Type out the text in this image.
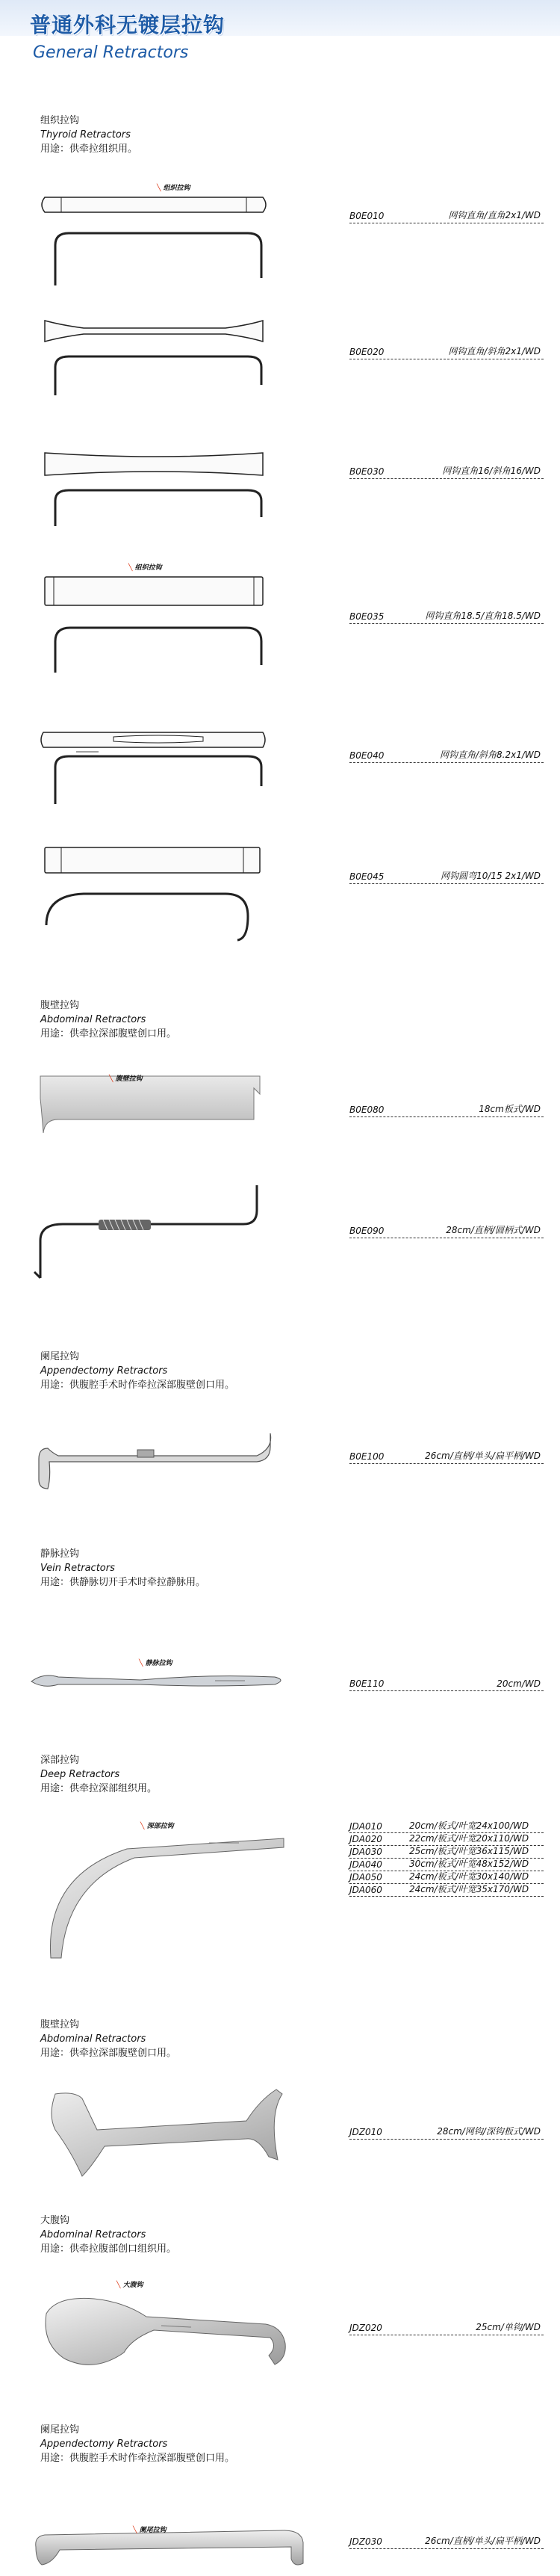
普通外科无镀层拉钩
General Retractors
组织拉钩
Thyroid Retractors
用途：供牵拉组织用。
╲ 组织拉钩
B0E010	网钩直角/直角2x1/WD
B0E020	网钩直角/斜角2x1/WD
B0E030	网钩直角16/斜角16/WD
╲ 组织拉钩
B0E035	网钩直角18.5/直角18.5/WD
B0E040	网钩直角/斜角8.2x1/WD
B0E045	网钩圆弯10/15 2x1/WD
腹壁拉钩
Abdominal Retractors
用途：供牵拉深部腹壁创口用。
╲ 腹壁拉钩
B0E080	18cm板式/WD
B0E090	28cm/直柄/圆柄式/WD
阑尾拉钩
Appendectomy Retractors
用途：供腹腔手术时作牵拉深部腹壁创口用。
B0E100	26cm/直柄/单头/扁平柄/WD
静脉拉钩
Vein Retractors
用途：供静脉切开手术时牵拉静脉用。
╲ 静脉拉钩
B0E110	20cm/WD
深部拉钩
Deep Retractors
用途：供牵拉深部组织用。
╲ 深部拉钩	JDA010	20cm/板式/叶宽24x100/WD
JDA020	22cm/板式/叶宽20x110/WD
JDA030	25cm/板式/叶宽36x115/WD
JDA040	30cm/板式/叶宽48x152/WD
JDA050	24cm/板式/叶宽30x140/WD
JDA060	24cm/板式/叶宽35x170/WD
腹壁拉钩
Abdominal Retractors
用途：供牵拉深部腹壁创口用。
JDZ010	28cm/网钩/深钩板式/WD
大腹钩
Abdominal Retractors
用途：供牵拉腹部创口组织用。
╲ 大腹钩
JDZ020	25cm/单钩/WD
阑尾拉钩
Appendectomy Retractors
用途：供腹腔手术时作牵拉深部腹壁创口用。
╲ 阑尾拉钩
JDZ030	26cm/直柄/单头/扁平柄/WD
